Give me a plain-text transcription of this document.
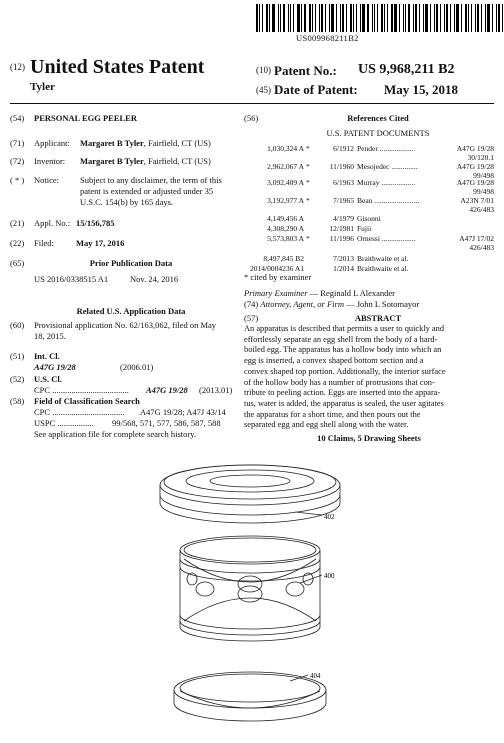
US009968211B2
(12) United States Patent
Tyler
(10) Patent No.: US 9,968,211 B2
(45) Date of Patent: May 15, 2018
(54) PERSONAL EGG PEELER
(71) Applicant: Margaret B Tyler, Fairfield, CT (US)
(72) Inventor: Margaret B Tyler, Fairfield, CT (US)
( * ) Notice: Subject to any disclaimer, the term of this
patent is extended or adjusted under 35
U.S.C. 154(b) by 165 days.
(21) Appl. No.: 15/156,785
(22) Filed:	May 17, 2016
(65)	Prior Publication Data
US 2016/0338515 A1	Nov. 24, 2016
Related U.S. Application Data
(60) Provisional application No. 62/163,062, filed on May
18, 2015.
(51) Int. Cl.
A47G 19/28	(2006.01)
(52) U.S. Cl.
CPC .................................... A47G 19/28 (2013.01)
(58) Field of Classification Search
CPC .................................. A47G 19/28; A47J 43/14
USPC ................. 99/568, 571, 577, 586, 587, 588
See application file for complete search history.
(56)	References Cited
U.S. PATENT DOCUMENTS
1,030,324 A *	6/1912 Pender ..................	A47G 19/28
30/120.1
2,962,067 A *	11/1960 Mesojedec ..............	A47G 19/28
99/498
3,092,409 A *	6/1963 Murray ..................	A47G 19/28
99/498
3,192,977 A *	7/1965 Bean ........................	A23N 7/01
426/483
4,149,456 A	4/1979 Gisonni
4,308,290 A	12/1981 Fujii
5,573,803 A *	11/1996 Ornessi ..................	A47J 17/02
426/483
8,497,845 B2	7/2013 Braithwaite et al.
2014/0004236 A1	1/2014 Braithwaite et al.
* cited by examiner
Primary Examiner — Reginald L Alexander
(74) Attorney, Agent, or Firm — John L Sotomayor
(57)	ABSTRACT
An apparatus is described that permits a user to quickly and
effortlessly separate an egg shell from the body of a hard-
boiled egg. The apparatus has a hollow body into which an
egg is inserted, a convex shaped bottom section and a
convex shaped top portion. Additionally, the interior surface
of the hollow body has a number of protrusions that con-
tribute to peeling action. Eggs are inserted into the appara-
tus, water is added, the apparatus is sealed, the user agitates
the apparatus for a short time, and then pours out the
separated egg and egg shell along with the water.
10 Claims, 5 Drawing Sheets
402
400
404
